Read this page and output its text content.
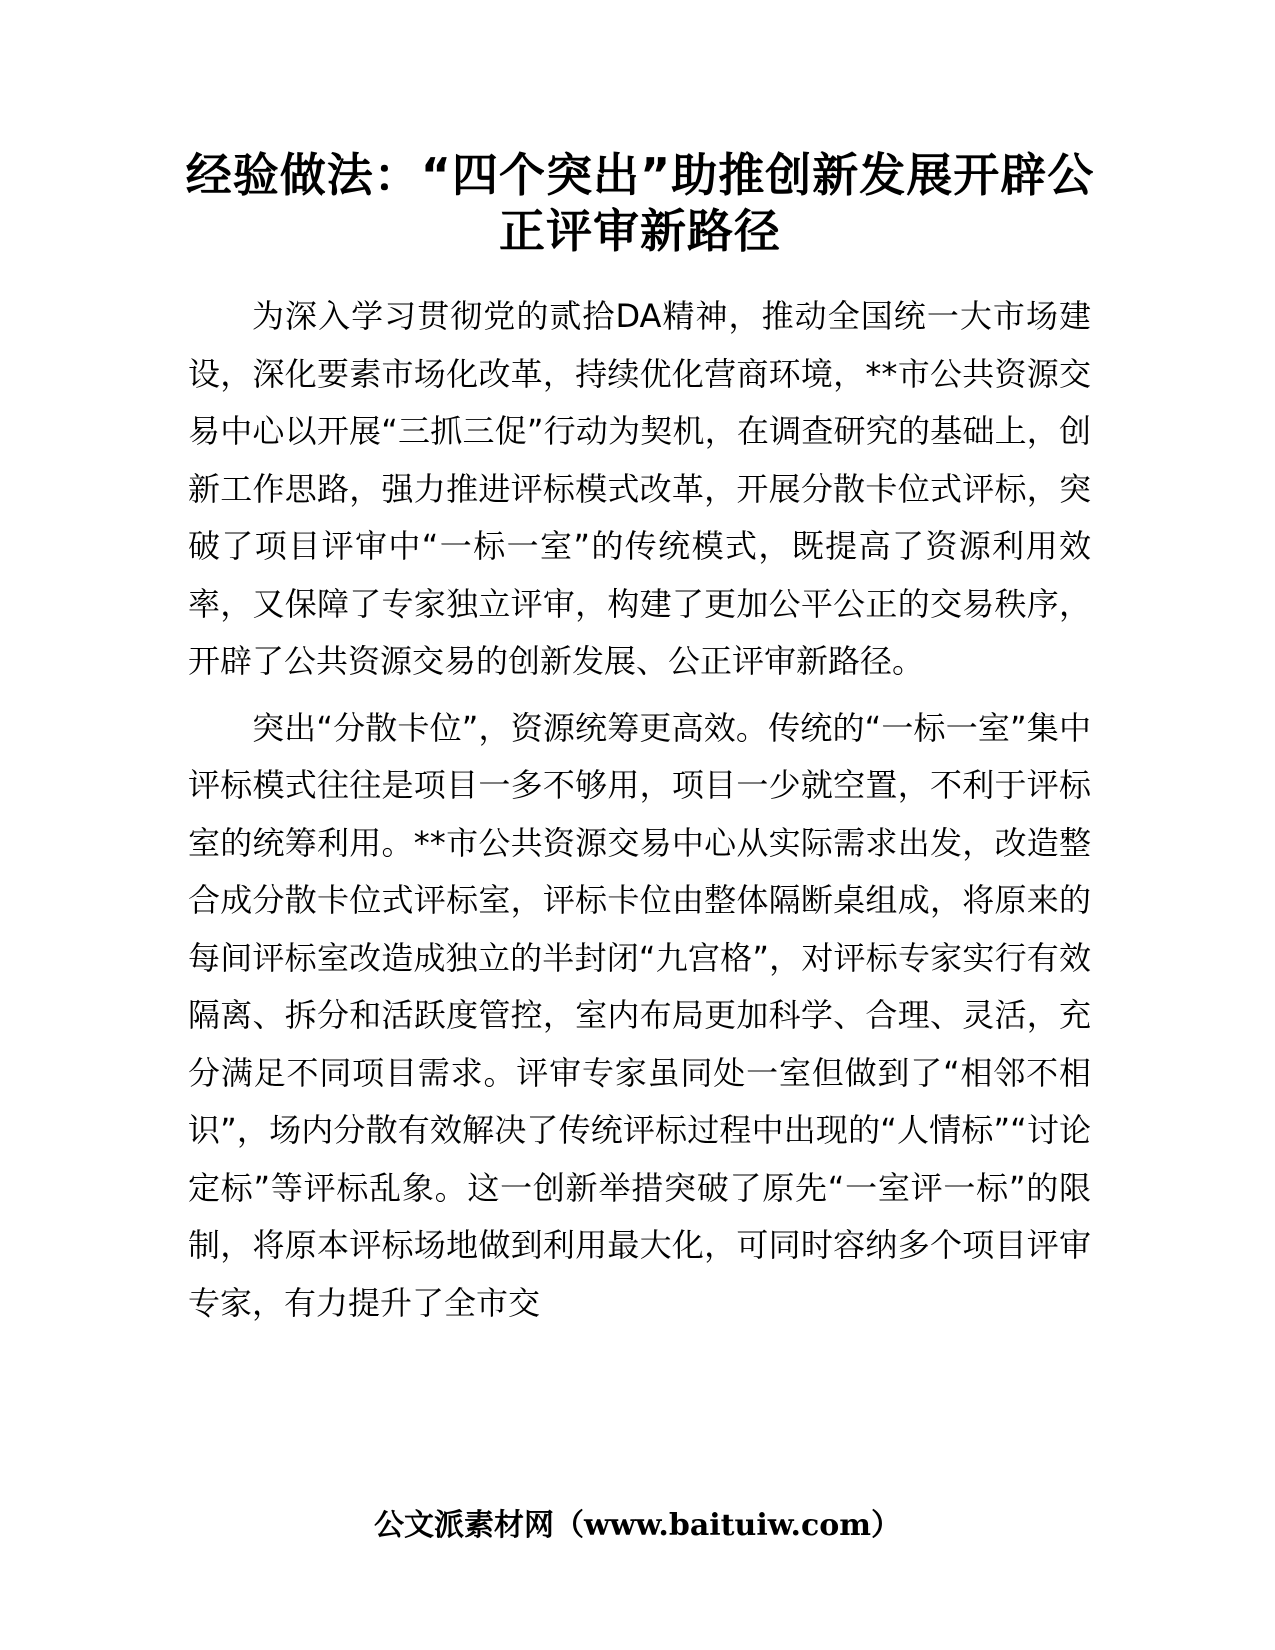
经验做法：“四个突出”助推创新发展开辟公正评审新路径

为深入学习贯彻党的贰拾DA精神，推动全国统一大市场建设，深化要素市场化改革，持续优化营商环境，**市公共资源交易中心以开展“三抓三促”行动为契机，在调查研究的基础上，创新工作思路，强力推进评标模式改革，开展分散卡位式评标，突破了项目评审中“一标一室”的传统模式，既提高了资源利用效率，又保障了专家独立评审，构建了更加公平公正的交易秩序，开辟了公共资源交易的创新发展、公正评审新路径。

突出“分散卡位”，资源统筹更高效。传统的“一标一室”集中评标模式往往是项目一多不够用，项目一少就空置，不利于评标室的统筹利用。**市公共资源交易中心从实际需求出发，改造整合成分散卡位式评标室，评标卡位由整体隔断桌组成，将原来的每间评标室改造成独立的半封闭“九宫格”，对评标专家实行有效隔离、拆分和活跃度管控，室内布局更加科学、合理、灵活，充分满足不同项目需求。评审专家虽同处一室但做到了“相邻不相识”，场内分散有效解决了传统评标过程中出现的“人情标”“讨论定标”等评标乱象。这一创新举措突破了原先“一室评一标”的限制，将原本评标场地做到利用最大化，可同时容纳多个项目评审专家，有力提升了全市交

公文派素材网（www.baituiw.com）
